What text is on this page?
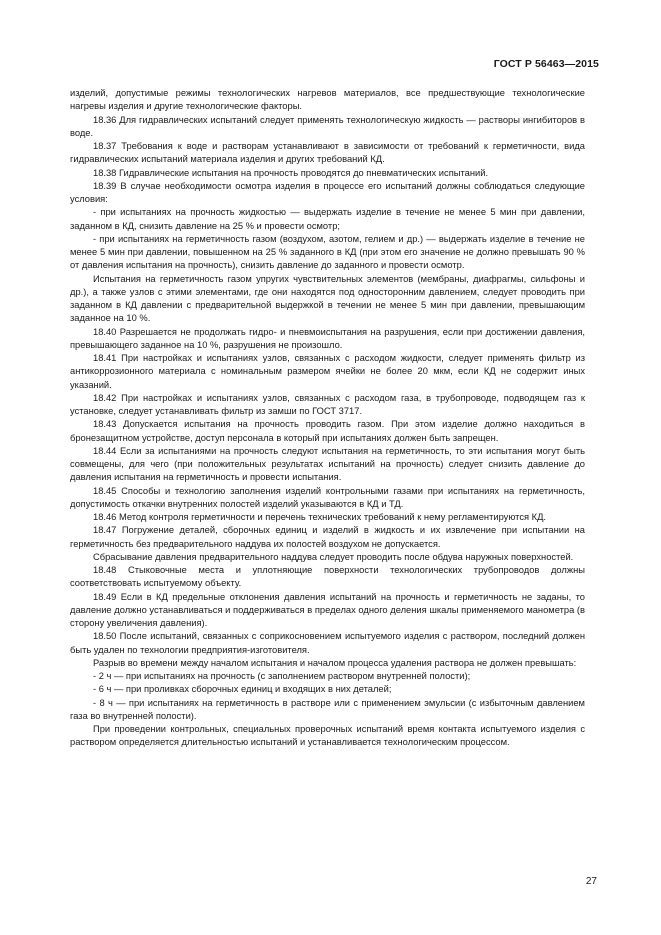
ГОСТ Р 56463—2015

изделий, допустимые режимы технологических нагревов материалов, все предшествующие технологические нагревы изделия и другие технологические факторы.

18.36 Для гидравлических испытаний следует применять технологическую жидкость — растворы ингибиторов в воде.

18.37 Требования к воде и растворам устанавливают в зависимости от требований к герметичности, вида гидравлических испытаний материала изделия и других требований КД.

18.38 Гидравлические испытания на прочность проводятся до пневматических испытаний.

18.39 В случае необходимости осмотра изделия в процессе его испытаний должны соблюдаться следующие условия:

- при испытаниях на прочность жидкостью — выдержать изделие в течение не менее 5 мин при давлении, заданном в КД, снизить давление на 25 % и провести осмотр;

- при испытаниях на герметичность газом (воздухом, азотом, гелием и др.) — выдержать изделие в течение не менее 5 мин при давлении, повышенном на 25 % заданного в КД (при этом его значение не должно превышать 90 % от давления испытания на прочность), снизить давление до заданного и провести осмотр.

Испытания на герметичность газом упругих чувствительных элементов (мембраны, диафрагмы, сильфоны и др.), а также узлов с этими элементами, где они находятся под односторонним давлением, следует проводить при заданном в КД давлении с предварительной выдержкой в течении не менее 5 мин при давлении, превышающим заданное на 10 %.

18.40 Разрешается не продолжать гидро- и пневмоиспытания на разрушения, если при достижении давления, превышающего заданное на 10 %, разрушения не произошло.

18.41 При настройках и испытаниях узлов, связанных с расходом жидкости, следует применять фильтр из антикоррозионного материала с номинальным размером ячейки не более 20 мкм, если КД не содержит иных указаний.

18.42 При настройках и испытаниях узлов, связанных с расходом газа, в трубопроводе, подводящем газ к установке, следует устанавливать фильтр из замши по ГОСТ 3717.

18.43 Допускается испытания на прочность проводить газом. При этом изделие должно находиться в бронезащитном устройстве, доступ персонала в который при испытаниях должен быть запрещен.

18.44 Если за испытаниями на прочность следуют испытания на герметичность, то эти испытания могут быть совмещены, для чего (при положительных результатах испытаний на прочность) следует снизить давление до давления испытания на герметичность и провести испытания.

18.45 Способы и технологию заполнения изделий контрольными газами при испытаниях на герметичность, допустимость откачки внутренних полостей изделий указываются в КД и ТД.

18.46 Метод контроля герметичности и перечень технических требований к нему регламентируются КД.

18.47 Погружение деталей, сборочных единиц и изделий в жидкость и их извлечение при испытании на герметичность без предварительного наддува их полостей воздухом не допускается.

Сбрасывание давления предварительного наддува следует проводить после обдува наружных поверхностей.

18.48 Стыковочные места и уплотняющие поверхности технологических трубопроводов должны соответствовать испытуемому объекту.

18.49 Если в КД предельные отклонения давления испытаний на прочность и герметичность не заданы, то давление должно устанавливаться и поддерживаться в пределах одного деления шкалы применяемого манометра (в сторону увеличения давления).

18.50 После испытаний, связанных с соприкосновением испытуемого изделия с раствором, последний должен быть удален по технологии предприятия-изготовителя.

Разрыв во времени между началом испытания и началом процесса удаления раствора не должен превышать:

- 2 ч — при испытаниях на прочность (с заполнением раствором внутренней полости);

- 6 ч — при проливках сборочных единиц и входящих в них деталей;

- 8 ч — при испытаниях на герметичность в растворе или с применением эмульсии (с избыточным давлением газа во внутренней полости).

При проведении контрольных, специальных проверочных испытаний время контакта испытуемого изделия с раствором определяется длительностью испытаний и устанавливается технологическим процессом.

27
